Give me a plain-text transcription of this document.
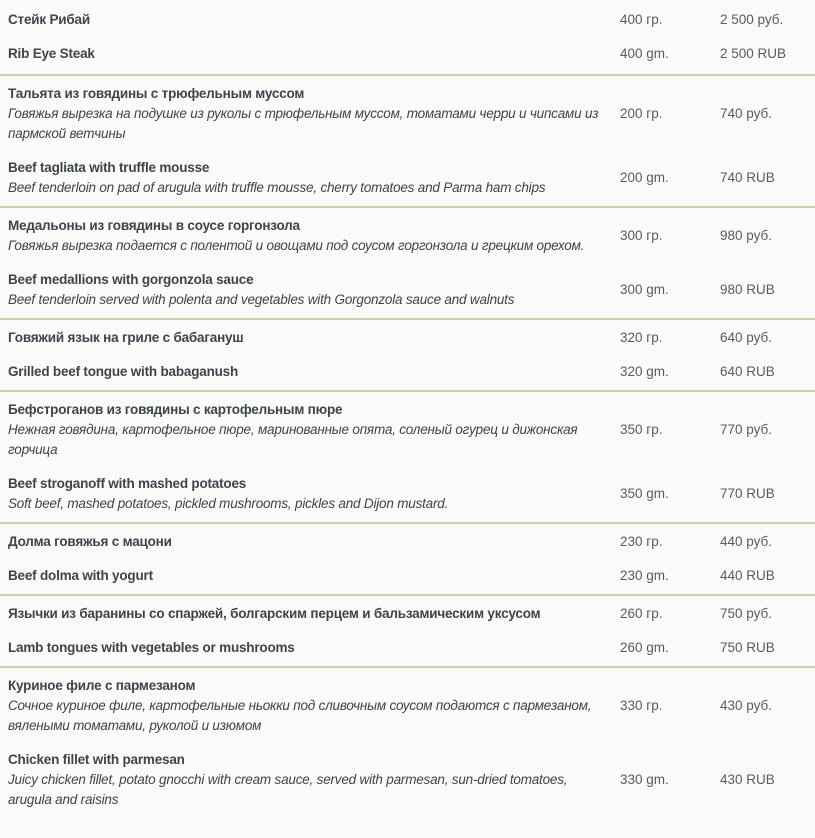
Стейк Рибай	400 гр.	2 500 руб.
Rib Eye Steak	400 gm.	2 500 RUB
Тальята из говядины с трюфельным муссом
Говяжья вырезка на подушке из руколы с трюфельным муссом, томатами черри и чипсами из пармской ветчины
200 гр.	740 руб.
Beef tagliata with truffle mousse
Beef tenderloin on pad of arugula with truffle mousse, cherry tomatoes and Parma ham chips
200 gm.	740 RUB
Медальоны из говядины в соусе горгонзола
Говяжья вырезка подается с полентой и овощами под соусом горгонзола и грецким орехом.
300 гр.	980 руб.
Beef medallions with gorgonzola sauce
Beef tenderloin served with polenta and vegetables with Gorgonzola sauce and walnuts
300 gm.	980 RUB
Говяжий язык на гриле с бабагануш	320 гр.	640 руб.
Grilled beef tongue with babaganush	320 gm.	640 RUB
Бефстроганов из говядины с картофельным пюре
Нежная говядина, картофельное пюре, маринованные опята, соленый огурец и дижонская горчица
350 гр.	770 руб.
Beef stroganoff with mashed potatoes
Soft beef, mashed potatoes, pickled mushrooms, pickles and Dijon mustard.
350 gm.	770 RUB
Долма говяжья с мацони	230 гр.	440 руб.
Beef dolma with yogurt	230 gm.	440 RUB
Язычки из баранины со спаржей, болгарским перцем и бальзамическим уксусом	260 гр.	750 руб.
Lamb tongues with vegetables or mushrooms	260 gm.	750 RUB
Куриное филе с пармезаном
Сочное куриное филе, картофельные ньокки под сливочным соусом подаются с пармезаном, вялеными томатами, руколой и изюмом
330 гр.	430 руб.
Chicken fillet with parmesan
Juicy chicken fillet, potato gnocchi with cream sauce, served with parmesan, sun-dried tomatoes, arugula and raisins
330 gm.	430 RUB
